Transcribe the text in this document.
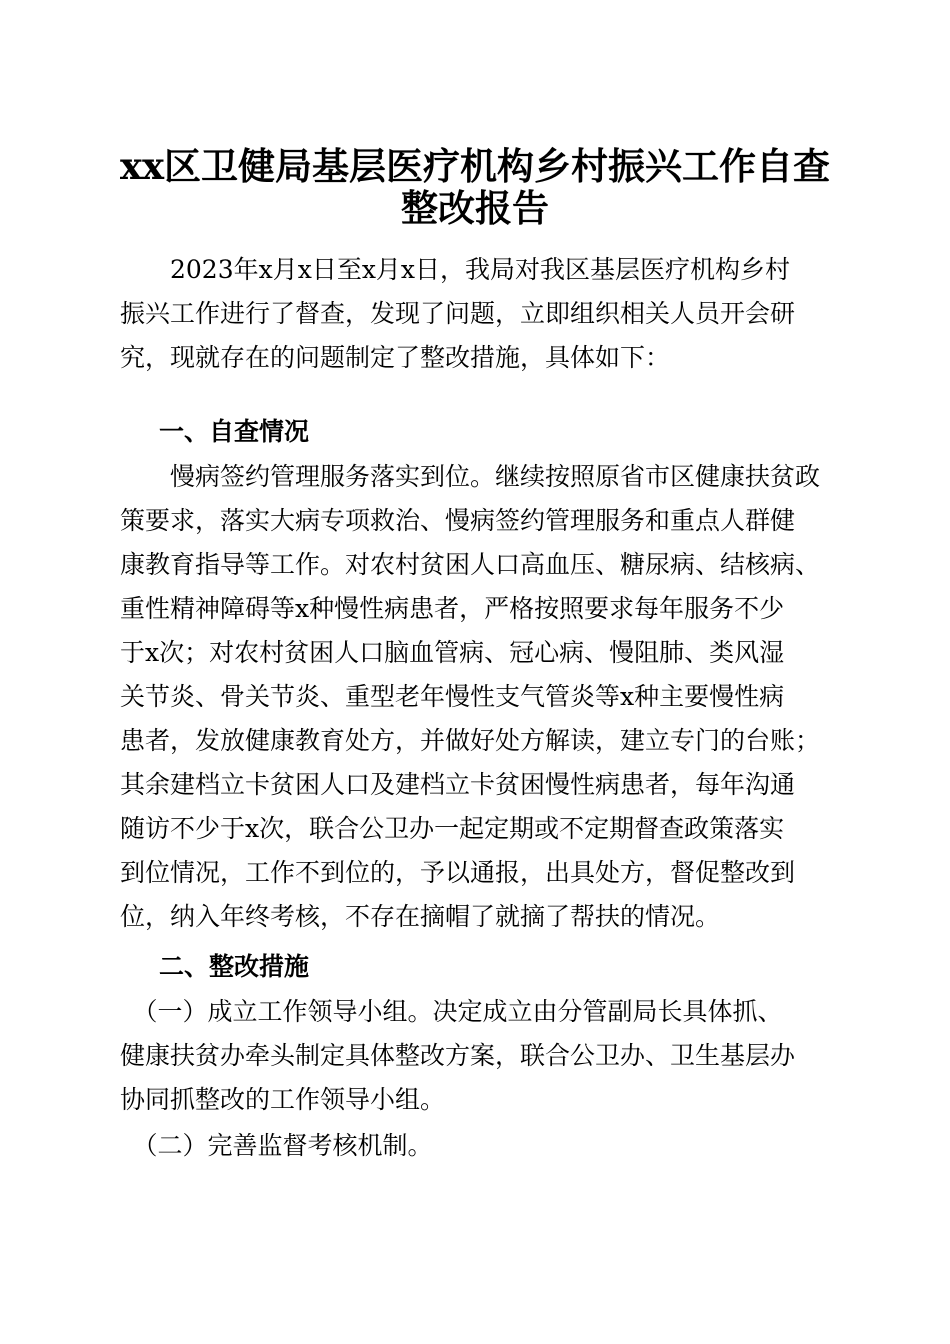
xx区卫健局基层医疗机构乡村振兴工作自查
整改报告
　　2023年x月x日至x月x日，我局对我区基层医疗机构乡村
振兴工作进行了督查，发现了问题，立即组织相关人员开会研
究，现就存在的问题制定了整改措施，具体如下：
一、自查情况
　　慢病签约管理服务落实到位。继续按照原省市区健康扶贫政
策要求，落实大病专项救治、慢病签约管理服务和重点人群健
康教育指导等工作。对农村贫困人口高血压、糖尿病、结核病、
重性精神障碍等x种慢性病患者，严格按照要求每年服务不少
于x次；对农村贫困人口脑血管病、冠心病、慢阻肺、类风湿
关节炎、骨关节炎、重型老年慢性支气管炎等x种主要慢性病
患者，发放健康教育处方，并做好处方解读，建立专门的台账；
其余建档立卡贫困人口及建档立卡贫困慢性病患者，每年沟通
随访不少于x次，联合公卫办一起定期或不定期督查政策落实
到位情况，工作不到位的，予以通报，出具处方，督促整改到
位，纳入年终考核，不存在摘帽了就摘了帮扶的情况。
二、整改措施
　（一）成立工作领导小组。决定成立由分管副局长具体抓、
健康扶贫办牵头制定具体整改方案，联合公卫办、卫生基层办
协同抓整改的工作领导小组。
　（二）完善监督考核机制。
